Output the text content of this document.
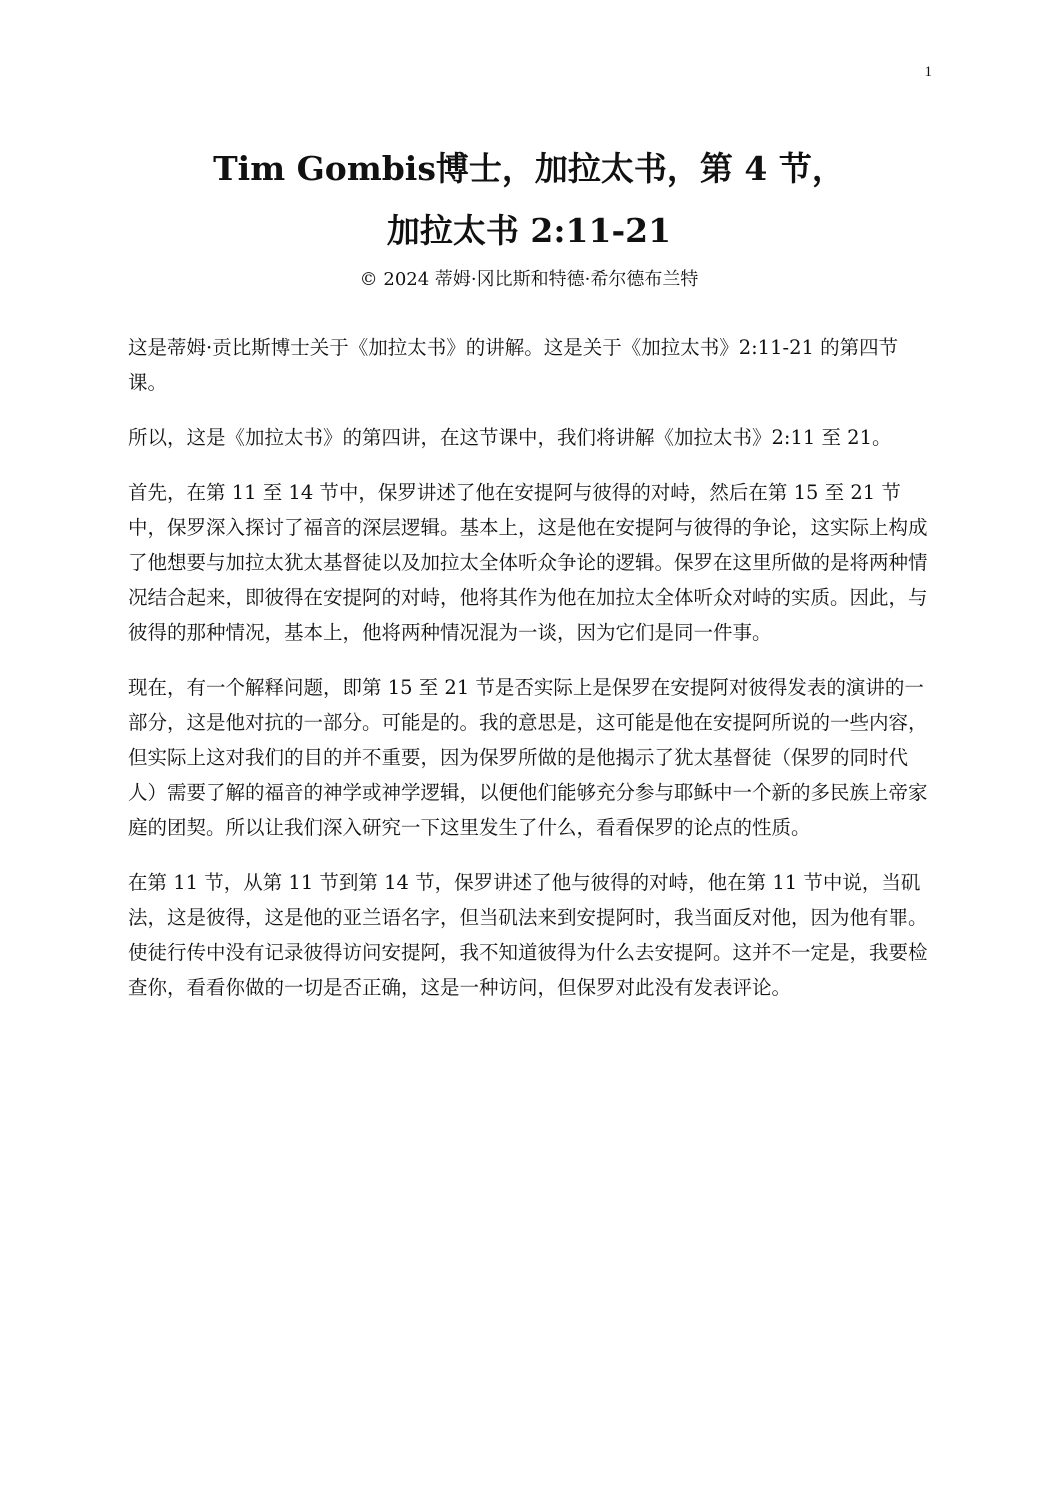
1
Tim Gombis博士，加拉太书，第 4 节，
加拉太书 2:11-21
© 2024 蒂姆·冈比斯和特德·希尔德布兰特

这是蒂姆·贡比斯博士关于《加拉太书》的讲解。这是关于《加拉太书》2:11-21 的第四节课。

所以，这是《加拉太书》的第四讲，在这节课中，我们将讲解《加拉太书》2:11 至 21。

首先，在第 11 至 14 节中，保罗讲述了他在安提阿与彼得的对峙，然后在第 15 至 21 节中，保罗深入探讨了福音的深层逻辑。基本上，这是他在安提阿与彼得的争论，这实际上构成了他想要与加拉太犹太基督徒以及加拉太全体听众争论的逻辑。保罗在这里所做的是将两种情况结合起来，即彼得在安提阿的对峙，他将其作为他在加拉太全体听众对峙的实质。因此，与彼得的那种情况，基本上，他将两种情况混为一谈，因为它们是同一件事。

现在，有一个解释问题，即第 15 至 21 节是否实际上是保罗在安提阿对彼得发表的演讲的一部分，这是他对抗的一部分。可能是的。我的意思是，这可能是他在安提阿所说的一些内容，但实际上这对我们的目的并不重要，因为保罗所做的是他揭示了犹太基督徒（保罗的同时代人）需要了解的福音的神学或神学逻辑，以便他们能够充分参与耶稣中一个新的多民族上帝家庭的团契。所以让我们深入研究一下这里发生了什么，看看保罗的论点的性质。

在第 11 节，从第 11 节到第 14 节，保罗讲述了他与彼得的对峙，他在第 11 节中说，当矶法，这是彼得，这是他的亚兰语名字，但当矶法来到安提阿时，我当面反对他，因为他有罪。使徒行传中没有记录彼得访问安提阿，我不知道彼得为什么去安提阿。这并不一定是，我要检查你，看看你做的一切是否正确，这是一种访问，但保罗对此没有发表评论。
